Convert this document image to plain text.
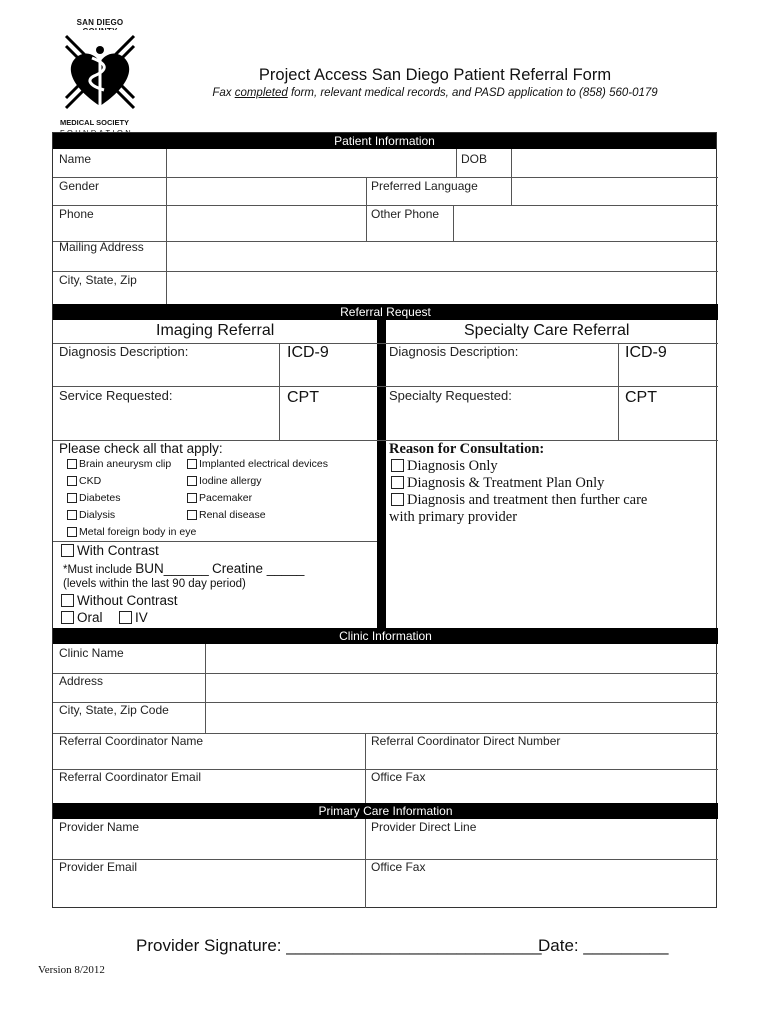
SAN DIEGO
MEDICAL SOCIETY
Project Access San Diego Patient Referral Form
Fax completed form, relevant medical records, and PASD application to (858) 560-0179
Patient Information
Name	DOB
Gender	Preferred Language
Phone	Other Phone
Mailing Address
City, State, Zip
Referral Request
Imaging Referral	Specialty Care Referral
Diagnosis Description:	ICD-9	Diagnosis Description:	ICD-9
Service Requested:	CPT	Specialty Requested:	CPT
Please check all that apply:
Brain aneurysm clip
CKD
Diabetes
Dialysis
Metal foreign body in eye
Implanted electrical devices
Iodine allergy
Pacemaker
Renal disease
With Contrast
*Must include BUN______ Creatine _____
(levels within the last 90 day period)
Without Contrast
Oral	IV
Reason for Consultation:
Diagnosis Only
Diagnosis & Treatment Plan Only
Diagnosis and treatment then further care
with primary provider
Clinic Information
Clinic Name
Address
City, State, Zip Code
Referral Coordinator Name	Referral Coordinator Direct Number
Referral Coordinator Email	Office Fax
Primary Care Information
Provider Name	Provider Direct Line
Provider Email	Office Fax
Provider Signature: ___________________________
Date: _________
Version 8/2012
